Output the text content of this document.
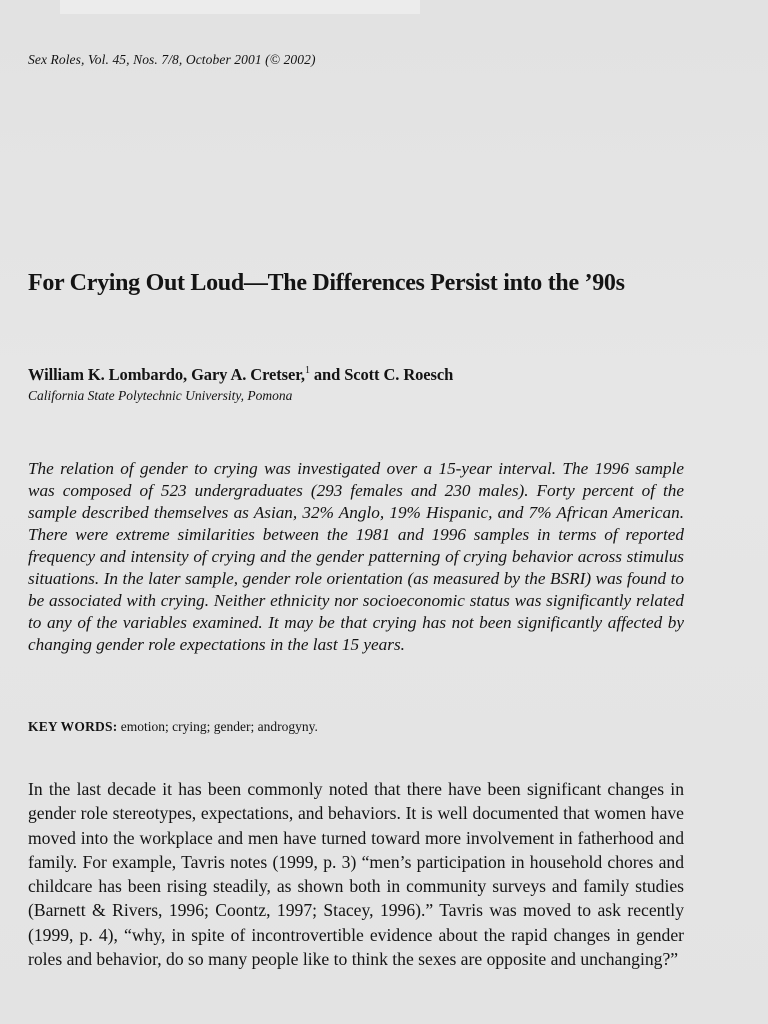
Sex Roles, Vol. 45, Nos. 7/8, October 2001 (© 2002)
For Crying Out Loud—The Differences Persist into the ’90s
William K. Lombardo, Gary A. Cretser,$^1$ and Scott C. Roesch
California State Polytechnic University, Pomona

The relation of gender to crying was investigated over a 15-year interval. The 1996 sample was composed of 523 undergraduates (293 females and 230 males). Forty percent of the sample described themselves as Asian, 32% Anglo, 19% Hispanic, and 7% African American. There were extreme similarities between the 1981 and 1996 samples in terms of reported frequency and intensity of crying and the gender patterning of crying behavior across stimulus situations. In the later sample, gender role orientation (as measured by the BSRI) was found to be associated with crying. Neither ethnicity nor socioeconomic status was significantly related to any of the variables examined. It may be that crying has not been significantly affected by changing gender role expectations in the last 15 years.

KEY WORDS: emotion; crying; gender; androgyny.

In the last decade it has been commonly noted that there have been significant changes in gender role stereotypes, expectations, and behaviors. It is well documented that women have moved into the workplace and men have turned toward more involvement in fatherhood and family. For example, Tavris notes (1999, p. 3) “men’s participation in household chores and childcare has been rising steadily, as shown both in community surveys and family studies (Barnett & Rivers, 1996; Coontz, 1997; Stacey, 1996).” Tavris was moved to ask recently (1999, p. 4), “why, in spite of incontrovertible evidence about the rapid changes in gender roles and behavior, do so many people like to think the sexes are opposite and unchanging?”
